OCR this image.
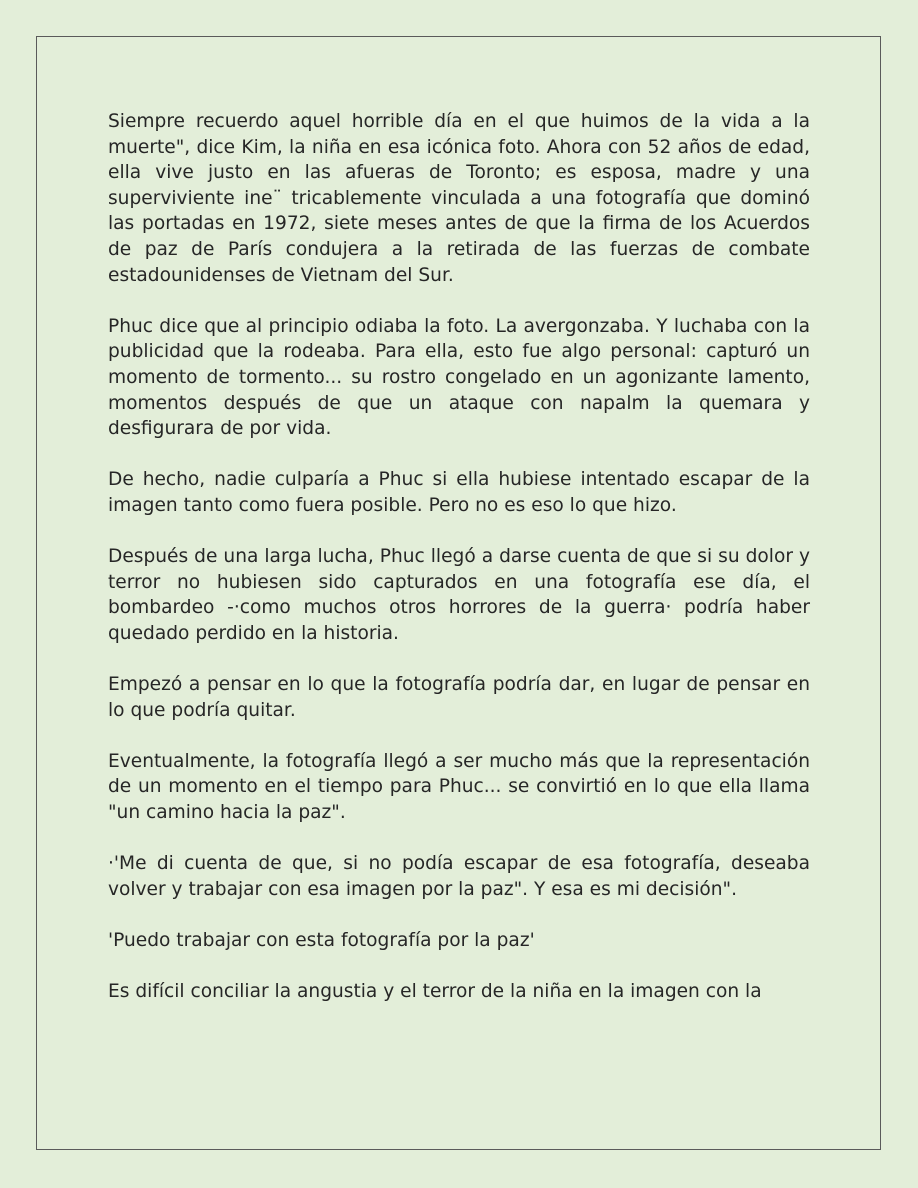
Siempre recuerdo aquel horrible día en el que huimos de la vida a la muerte", dice Kim, la niña en esa icónica foto. Ahora con 52 años de edad, ella vive justo en las afueras de Toronto; es esposa, madre y una superviviente ine¨ tricablemente vinculada a una fotografía que dominó las portadas en 1972, siete meses antes de que la firma de los Acuerdos de paz de París condujera a la retirada de las fuerzas de combate estadounidenses de Vietnam del Sur.

Phuc dice que al principio odiaba la foto. La avergonzaba. Y luchaba con la publicidad que la rodeaba. Para ella, esto fue algo personal: capturó un momento de tormento... su rostro congelado en un agonizante lamento, momentos después de que un ataque con napalm la quemara y desfigurara de por vida.

De hecho, nadie culparía a Phuc si ella hubiese intentado escapar de la imagen tanto como fuera posible. Pero no es eso lo que hizo.

Después de una larga lucha, Phuc llegó a darse cuenta de que si su dolor y terror no hubiesen sido capturados en una fotografía ese día, el bombardeo -·como muchos otros horrores de la guerra· podría haber quedado perdido en la historia.

Empezó a pensar en lo que la fotografía podría dar, en lugar de pensar en lo que podría quitar.

Eventualmente, la fotografía llegó a ser mucho más que la representación de un momento en el tiempo para Phuc... se convirtió en lo que ella llama "un camino hacia la paz".

·'Me di cuenta de que, si no podía escapar de esa fotografía, deseaba volver y trabajar con esa imagen por la paz". Y esa es mi decisión".

'Puedo trabajar con esta fotografía por la paz'

Es difícil conciliar la angustia y el terror de la niña en la imagen con la
